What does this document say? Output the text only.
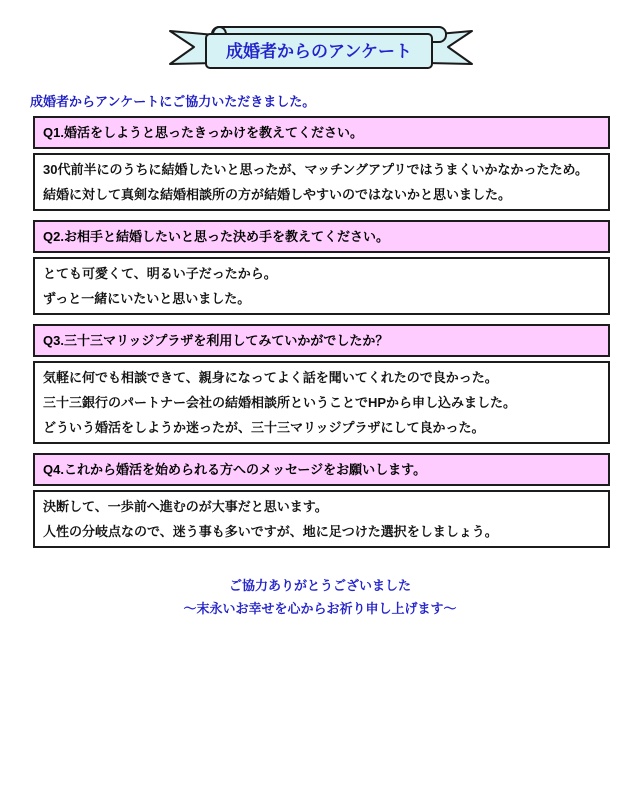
成婚者からのアンケート
成婚者からアンケートにご協力いただきました。
Q1.婚活をしようと思ったきっかけを教えてください。
30代前半にのうちに結婚したいと思ったが、マッチングアプリではうまくいかなかったため。
結婚に対して真剣な結婚相談所の方が結婚しやすいのではないかと思いました。
Q2.お相手と結婚したいと思った決め手を教えてください。
とても可愛くて、明るい子だったから。
ずっと一緒にいたいと思いました。
Q3.三十三マリッジプラザを利用してみていかがでしたか？
気軽に何でも相談できて、親身になってよく話を聞いてくれたので良かった。
三十三銀行のパートナー会社の結婚相談所ということでHPから申し込みました。
どういう婚活をしようか迷ったが、三十三マリッジプラザにして良かった。
Q4.これから婚活を始められる方へのメッセージをお願いします。
決断して、一歩前へ進むのが大事だと思います。
人性の分岐点なので、迷う事も多いですが、地に足つけた選択をしましょう。
ご協力ありがとうございました
～末永いお幸せを心からお祈り申し上げます～
